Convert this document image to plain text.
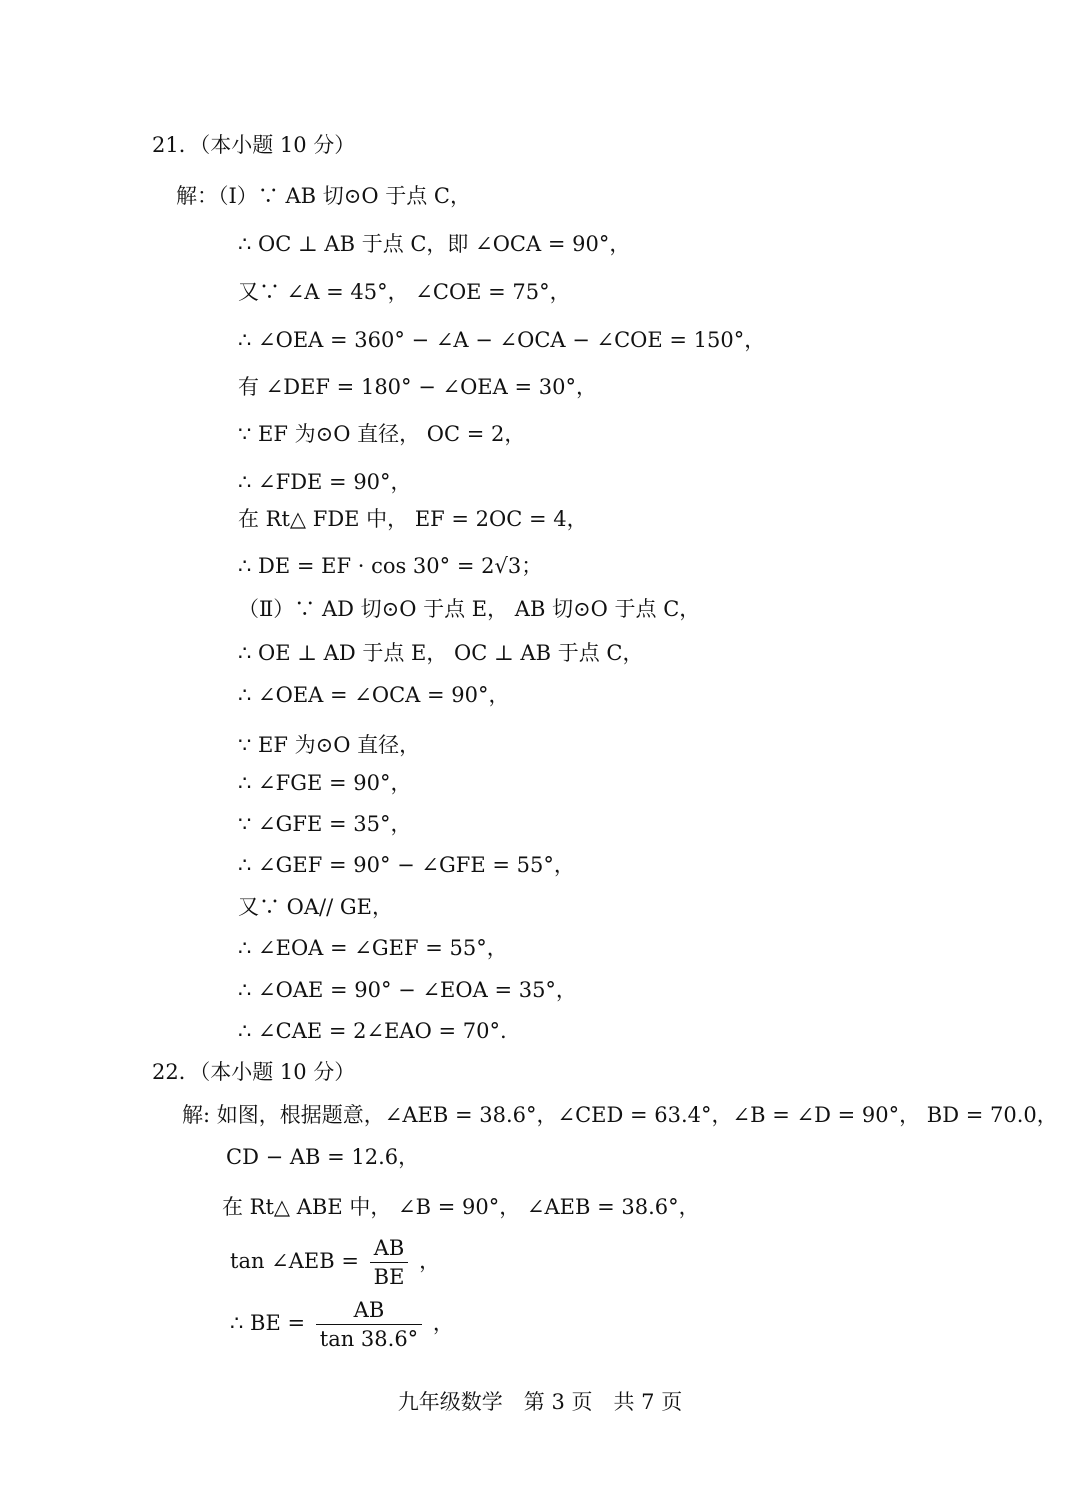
21．（本小题 10 分）
解：（Ⅰ）∵ AB 切⊙O 于点 C，
∴ OC ⊥ AB 于点 C，即 ∠OCA = 90°，
又∵ ∠A = 45°， ∠COE = 75°，
∴ ∠OEA = 360° − ∠A − ∠OCA − ∠COE = 150°，
有 ∠DEF = 180° − ∠OEA = 30°，
∵ EF 为⊙O 直径， OC = 2，
∴ ∠FDE = 90°，
在 Rt△ FDE 中， EF = 2OC = 4，
∴ DE = EF · cos 30° = 2√3；
（Ⅱ）∵ AD 切⊙O 于点 E， AB 切⊙O 于点 C，
∴ OE ⊥ AD 于点 E， OC ⊥ AB 于点 C，
∴ ∠OEA = ∠OCA = 90°，
∵ EF 为⊙O 直径，
∴ ∠FGE = 90°，
∵ ∠GFE = 35°，
∴ ∠GEF = 90° − ∠GFE = 55°，
又∵ OA// GE，
∴ ∠EOA = ∠GEF = 55°，
∴ ∠OAE = 90° − ∠EOA = 35°，
∴ ∠CAE = 2∠EAO = 70°.
22．（本小题 10 分）
解: 如图，根据题意，∠AEB = 38.6°，∠CED = 63.4°，∠B = ∠D = 90°， BD = 70.0，
CD − AB = 12.6，
在 Rt△ ABE 中， ∠B = 90°， ∠AEB = 38.6°，
tan ∠AEB = $\frac{AB}{BE}$ ，
∴ BE = $\frac{AB}{\tan 38.6^\circ}$ ，
九年级数学　第 3 页　共 7 页
